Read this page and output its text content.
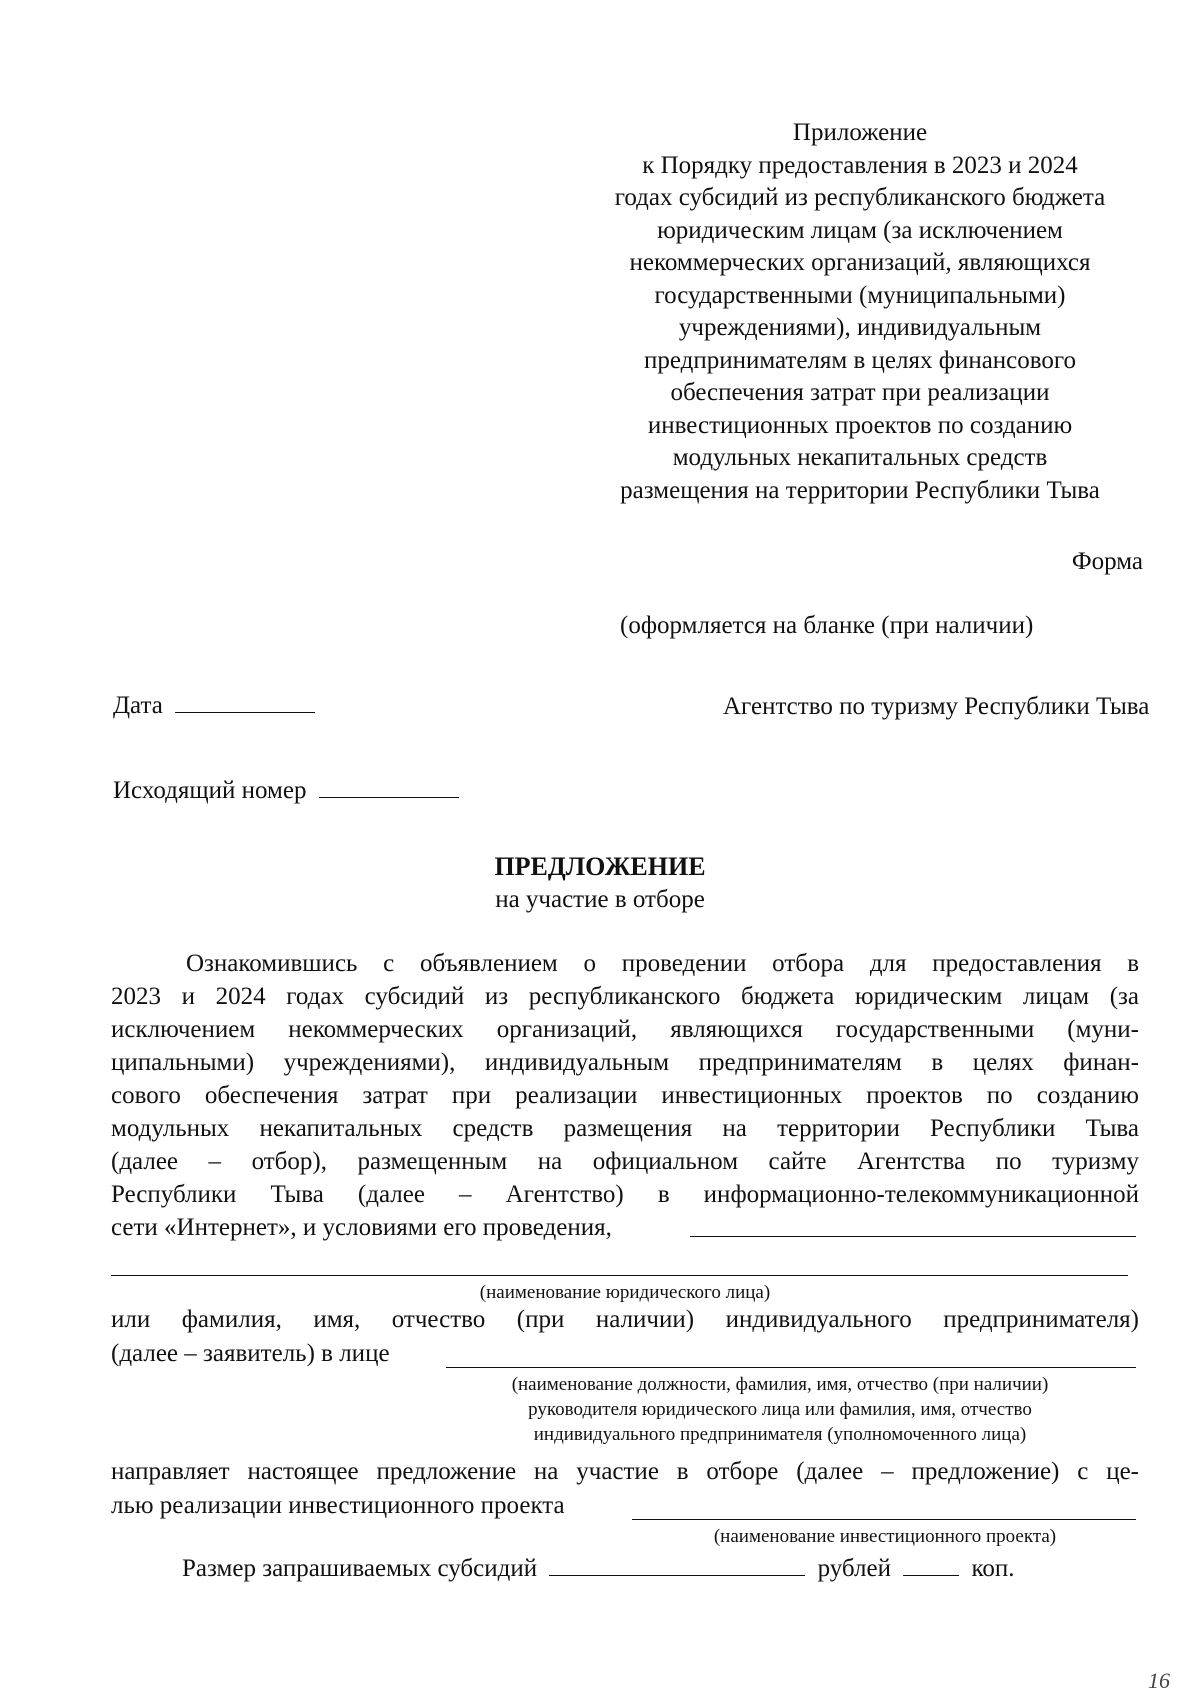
Приложение
к Порядку предоставления в 2023 и 2024
годах субсидий из республиканского бюджета
юридическим лицам (за исключением
некоммерческих организаций, являющихся
государственными (муниципальными)
учреждениями), индивидуальным
предпринимателям в целях финансового
обеспечения затрат при реализации
инвестиционных проектов по созданию
модульных некапитальных средств
размещения на территории Республики Тыва
Форма
(оформляется на бланке (при наличии)
Дата	Агентство по туризму Республики Тыва
Исходящий номер
ПРЕДЛОЖЕНИЕ
на участие в отборе
Ознакомившись с объявлением о проведении отбора для предоставления в
2023 и 2024 годах субсидий из республиканского бюджета юридическим лицам (за
исключением некоммерческих организаций, являющихся государственными (муни-
ципальными) учреждениями), индивидуальным предпринимателям в целях финан-
сового обеспечения затрат при реализации инвестиционных проектов по созданию
модульных некапитальных средств размещения на территории Республики Тыва
(далее – отбор), размещенным на официальном сайте Агентства по туризму
Республики Тыва (далее – Агентство) в информационно-телекоммуникационной
сети «Интернет», и условиями его проведения,
(наименование юридического лица)
или фамилия, имя, отчество (при наличии) индивидуального предпринимателя)
(далее – заявитель) в лице
(наименование должности, фамилия, имя, отчество (при наличии)
руководителя юридического лица или фамилия, имя, отчество
индивидуального предпринимателя (уполномоченного лица)
направляет настоящее предложение на участие в отборе (далее – предложение) с це-
лью реализации инвестиционного проекта
(наименование инвестиционного проекта)
Размер запрашиваемых субсидий	рублей	коп.
16
